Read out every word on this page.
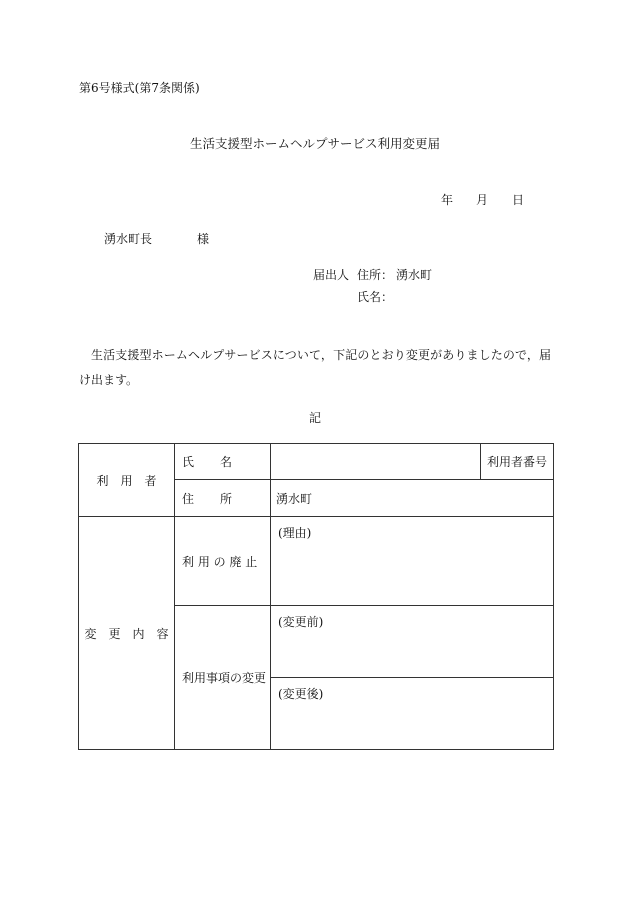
第6号様式(第7条関係)
生活支援型ホームヘルプサービス利用変更届
年 月 日
湧水町長	様
届出人 住所： 湧水町
氏名：
生活支援型ホームヘルプサービスについて，下記のとおり変更がありましたので，届け出ます。
記
利　用　者	氏 名		利用者番号	

	住 所	湧水町		
変　更　内　容	利 用 の 廃 止	(理由)		
	利用事項の変更	(変更前)		
		(変更後)		
